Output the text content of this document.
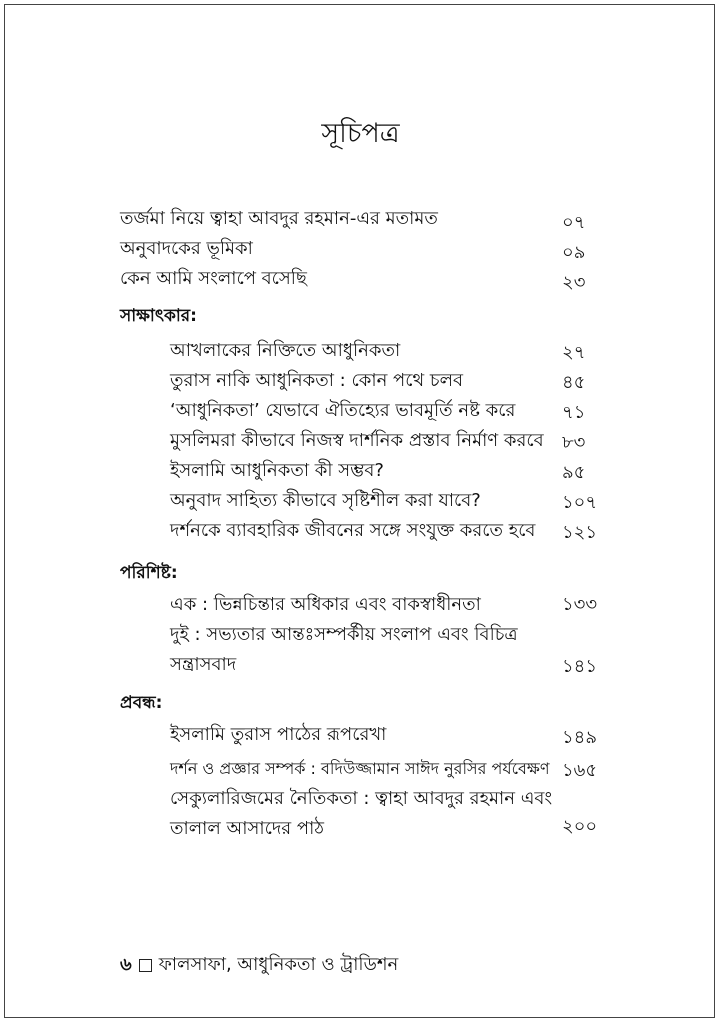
সূচিপত্র
তর্জমা নিয়ে ত্বাহা আবদুর রহমান-এর মতামত	০৭
অনুবাদকের ভূমিকা	০৯
কেন আমি সংলাপে বসেছি	২৩
সাক্ষাৎকার:
আখলাকের নিক্তিতে আধুনিকতা	২৭
তুরাস নাকি আধুনিকতা : কোন পথে চলব	৪৫
‘আধুনিকতা’ যেভাবে ঐতিহ্যের ভাবমূর্তি নষ্ট করে	৭১
মুসলিমরা কীভাবে নিজস্ব দার্শনিক প্রস্তাব নির্মাণ করবে ৮৩
ইসলামি আধুনিকতা কী সম্ভব?	৯৫
অনুবাদ সাহিত্য কীভাবে সৃষ্টিশীল করা যাবে?	১০৭
দর্শনকে ব্যাবহারিক জীবনের সঙ্গে সংযুক্ত করতে হবে ১২১
পরিশিষ্ট:
এক : ভিন্নচিন্তার অধিকার এবং বাকস্বাধীনতা	১৩৩
দুই : সভ্যতার আন্তঃসম্পর্কীয় সংলাপ এবং বিচিত্র
সন্ত্রাসবাদ	১৪১
প্রবন্ধ:
ইসলামি তুরাস পাঠের রূপরেখা	১৪৯
দর্শন ও প্রজ্ঞার সম্পর্ক : বদিউজ্জামান সাঈদ নুরসির পর্যবেক্ষণ ১৬৫
সেক্যুলারিজমের নৈতিকতা : ত্বাহা আবদুর রহমান এবং
তালাল আসাদের পাঠ	২০০
৬ ফালসাফা, আধুনিকতা ও ট্রাডিশন
